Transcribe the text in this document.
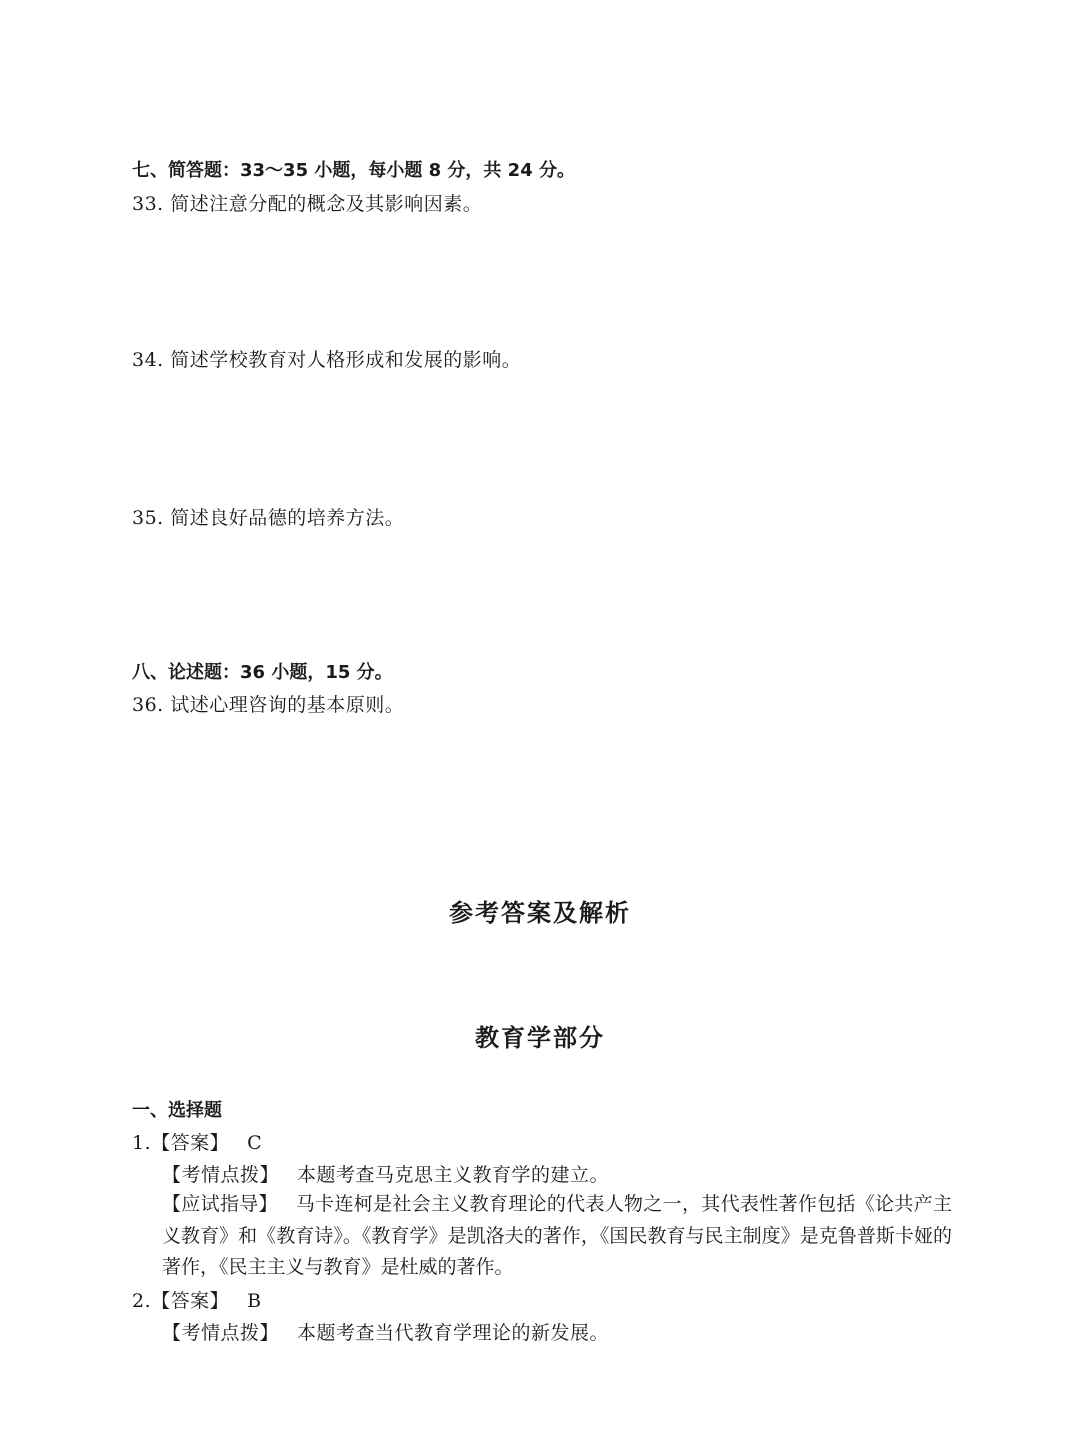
七、简答题：33～35 小题，每小题 8 分，共 24 分。
33. 简述注意分配的概念及其影响因素。
34. 简述学校教育对人格形成和发展的影响。
35. 简述良好品德的培养方法。
八、论述题：36 小题，15 分。
36. 试述心理咨询的基本原则。
参考答案及解析
教育学部分
一、选择题
1.【答案】 C
【考情点拨】 本题考查马克思主义教育学的建立。
【应试指导】 马卡连柯是社会主义教育理论的代表人物之一，其代表性著作包括《论共产主义教育》和《教育诗》。《教育学》是凯洛夫的著作，《国民教育与民主制度》是克鲁普斯卡娅的著作，《民主主义与教育》是杜威的著作。
2.【答案】 B
【考情点拨】 本题考查当代教育学理论的新发展。
